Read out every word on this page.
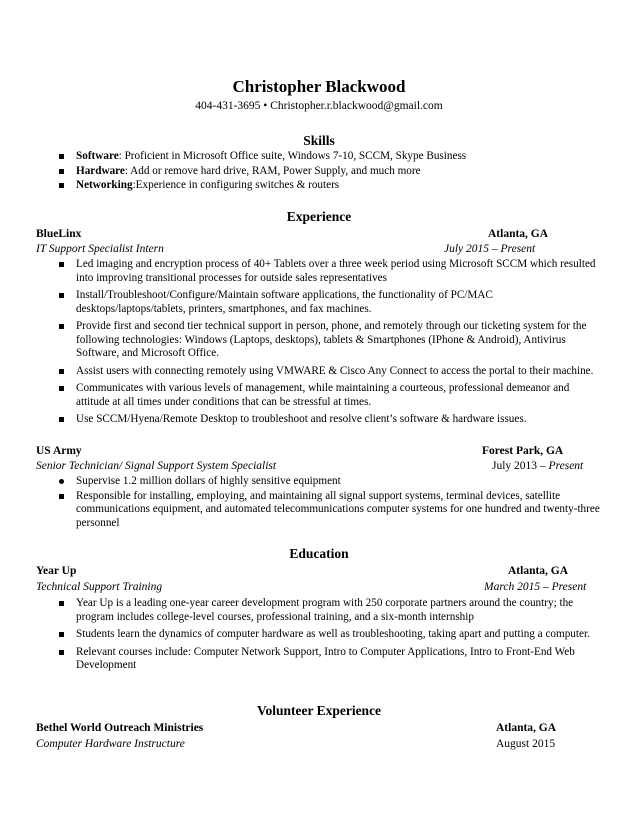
Christopher Blackwood
404-431-3695 • Christopher.r.blackwood@gmail.com
Skills
Software: Proficient in Microsoft Office suite, Windows 7-10, SCCM, Skype Business
Hardware: Add or remove hard drive, RAM, Power Supply, and much more
Networking:Experience in configuring switches & routers
Experience
BlueLinx	Atlanta, GA
IT Support Specialist Intern	July 2015 – Present
Led imaging and encryption process of 40+ Tablets over a three week period using Microsoft SCCM which resulted into improving transitional processes for outside sales representatives
Install/Troubleshoot/Configure/Maintain software applications, the functionality of PC/MAC desktops/laptops/tablets, printers, smartphones, and fax machines.
Provide first and second tier technical support in person, phone, and remotely through our ticketing system for the following technologies: Windows (Laptops, desktops), tablets & Smartphones (IPhone & Android), Antivirus Software, and Microsoft Office.
Assist users with connecting remotely using VMWARE & Cisco Any Connect to access the portal to their machine.
Communicates with various levels of management, while maintaining a courteous, professional demeanor and attitude at all times under conditions that can be stressful at times.
Use SCCM/Hyena/Remote Desktop to troubleshoot and resolve client’s software & hardware issues.
US Army	Forest Park, GA
Senior Technician/ Signal Support System Specialist	July 2013 – Present
Supervise 1.2 million dollars of highly sensitive equipment
Responsible for installing, employing, and maintaining all signal support systems, terminal devices, satellite communications equipment, and automated telecommunications computer systems for one hundred and twenty-three personnel
Education
Year Up	Atlanta, GA
Technical Support Training	March 2015 – Present
Year Up is a leading one-year career development program with 250 corporate partners around the country; the program includes college-level courses, professional training, and a six-month internship
Students learn the dynamics of computer hardware as well as troubleshooting, taking apart and putting a computer.
Relevant courses include: Computer Network Support, Intro to Computer Applications, Intro to Front-End Web Development
Volunteer Experience
Bethel World Outreach Ministries	Atlanta, GA
Computer Hardware Instructure	August 2015
